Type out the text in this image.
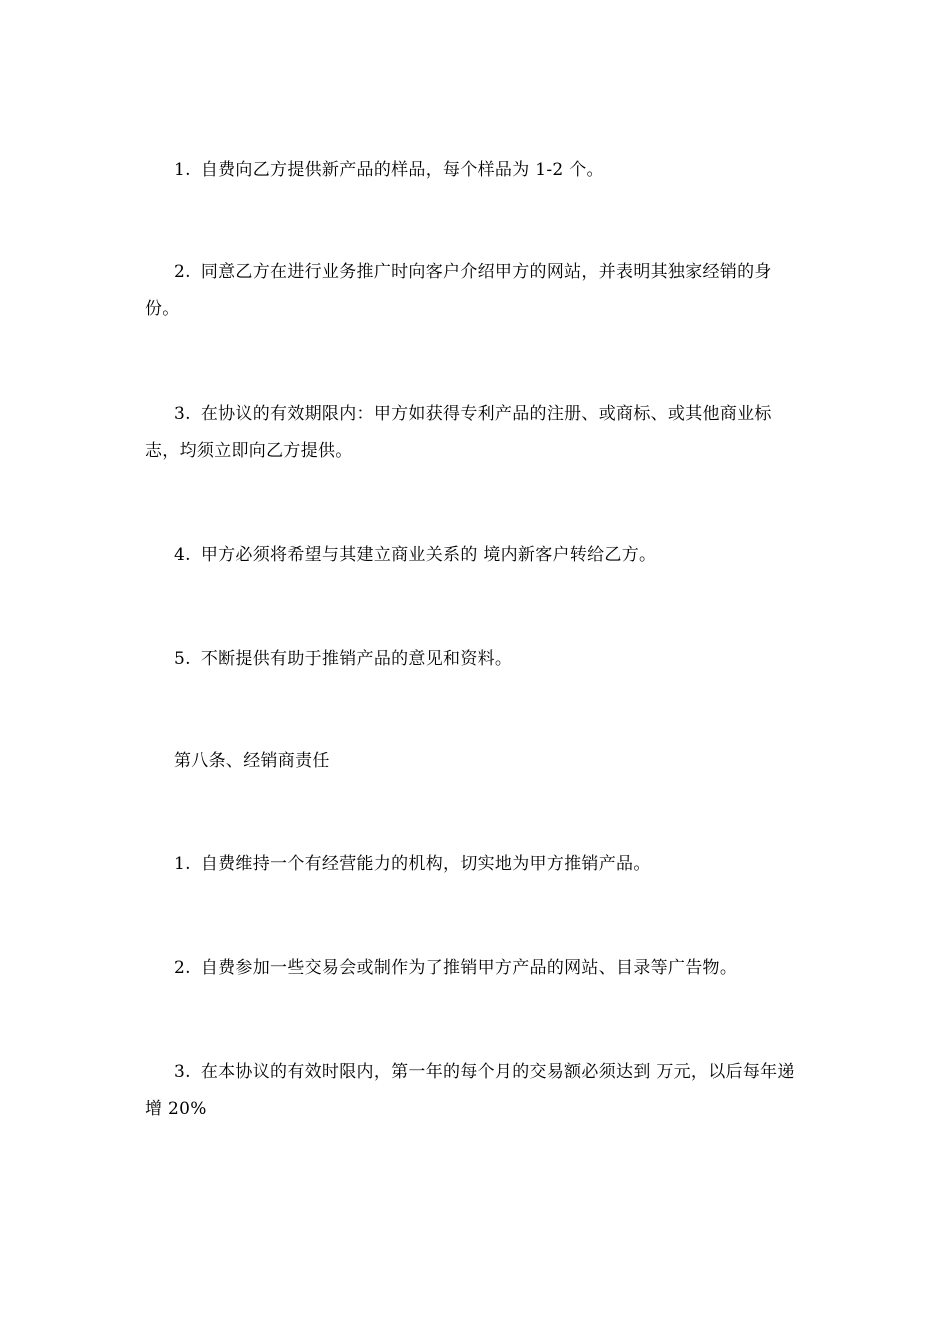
1. 自费向乙方提供新产品的样品，每个样品为 1-2 个。

2. 同意乙方在进行业务推广时向客户介绍甲方的网站，并表明其独家经销的身份。

3. 在协议的有效期限内：甲方如获得专利产品的注册、或商标、或其他商业标志，均须立即向乙方提供。

4. 甲方必须将希望与其建立商业关系的 境内新客户转给乙方。

5. 不断提供有助于推销产品的意见和资料。

第八条、经销商责任

1. 自费维持一个有经营能力的机构，切实地为甲方推销产品。

2. 自费参加一些交易会或制作为了推销甲方产品的网站、目录等广告物。

3. 在本协议的有效时限内，第一年的每个月的交易额必须达到 万元，以后每年递增 20%
